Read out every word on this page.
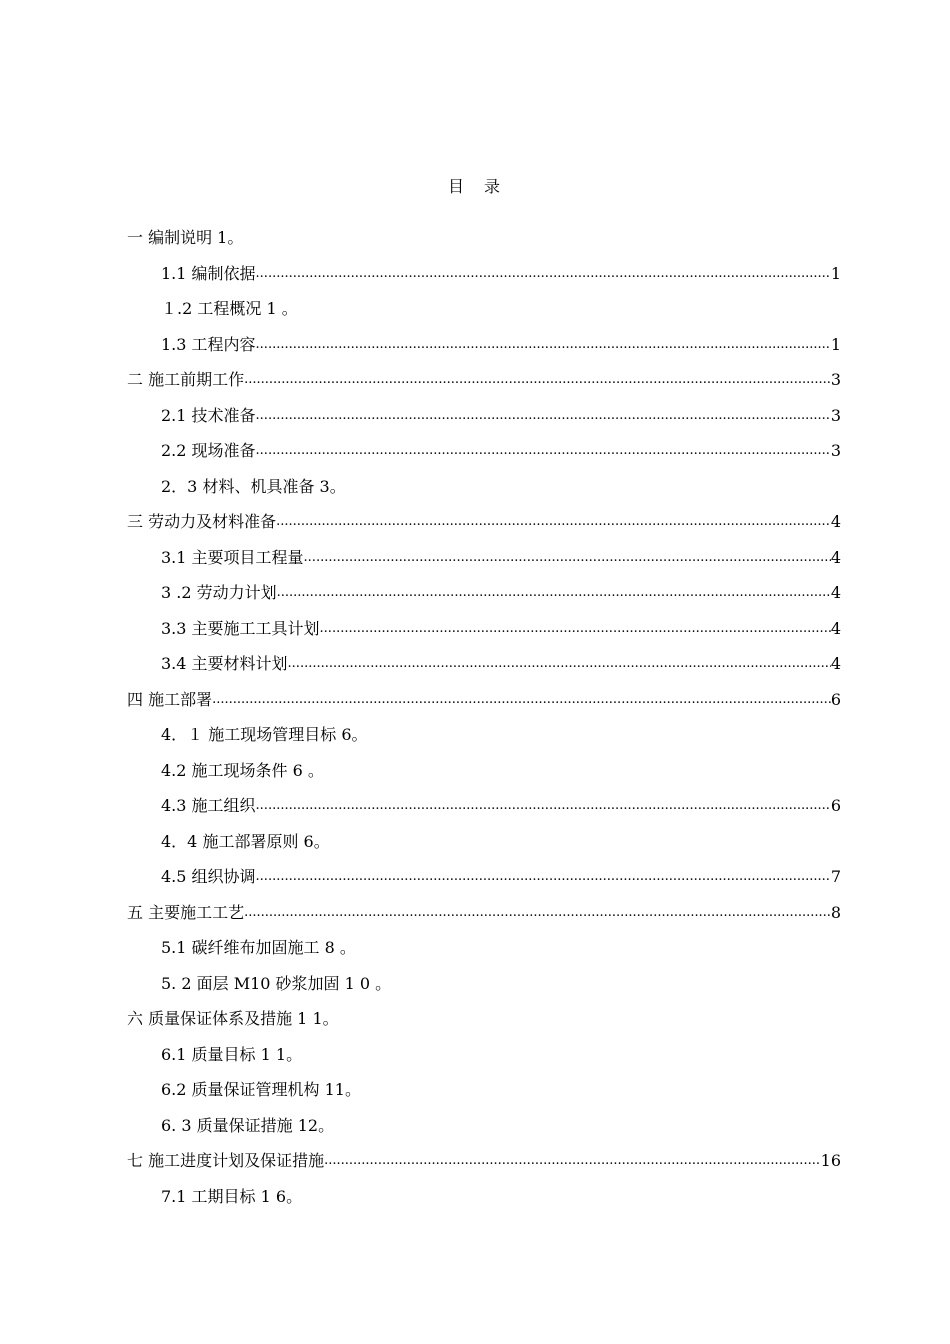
目　录
一 编制说明 1 。
1.1 编制依据 .....	1
１.2 工程概况 1 。
1.3 工程内容 .....	1
二 施工前期工作 .....	3
2.1 技术准备 .....	3
2.2 现场准备 .....	3
2．3 材料、机具准备 3。
三 劳动力及材料准备 .....	4
3.1 主要项目工程量 .....	4
3 .2 劳动力计划 .....	4
3.3 主要施工工具计划 .....	4
3.4 主要材料计划 .....	4
四 施工部署 .....	6
4．１ 施工现场管理目标 6。
4.2 施工现场条件 6 。
4.3 施工组织 .....	6
4．4 施工部署原则 6。
4.5 组织协调 .....	7
五 主要施工工艺 .....	8
5.1 碳纤维布加固施工 8 。
5. 2 面层 M10 砂浆加固 1 0 。
六 质量保证体系及措施 1 1。
6.1 质量目标 1 1。
6.2 质量保证管理机构 11。
6. 3 质量保证措施 12。
七 施工进度计划及保证措施 .....	16
7.1 工期目标 1 6。
